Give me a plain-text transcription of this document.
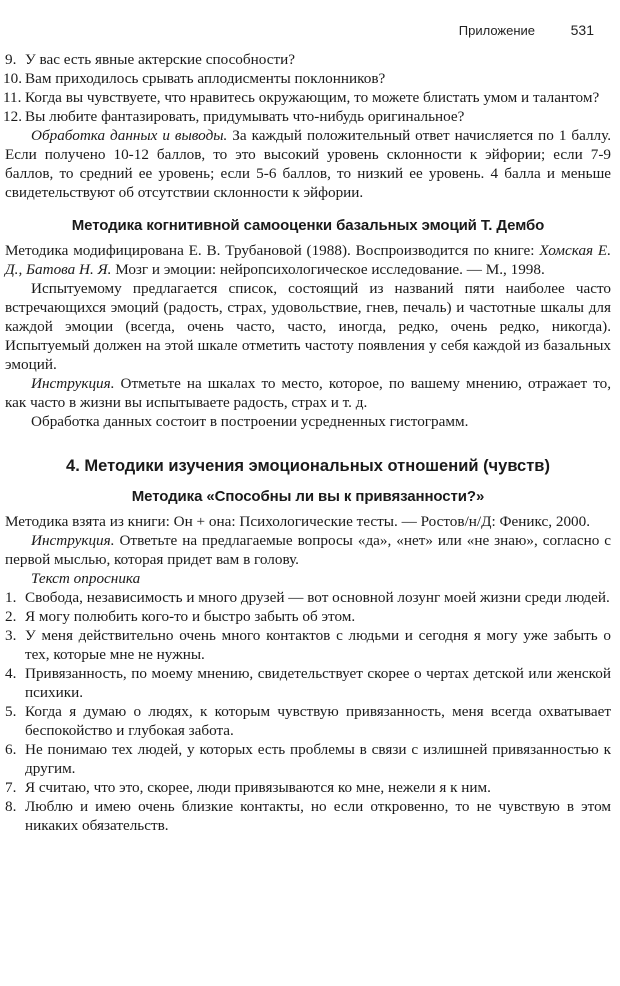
Приложение	531
9. У вас есть явные актерские способности?
10. Вам приходилось срывать аплодисменты поклонников?
11. Когда вы чувствуете, что нравитесь окружающим, то можете блистать умом и талантом?
12. Вы любите фантазировать, придумывать что-нибудь оригинальное?

Обработка данных и выводы. За каждый положительный ответ начисляется по 1 баллу. Если получено 10-12 баллов, то это высокий уровень склонности к эйфории; если 7-9 баллов, то средний ее уровень; если 5-6 баллов, то низкий ее уровень. 4 балла и меньше свидетельствуют об отсутствии склонности к эйфории.

Методика когнитивной самооценки базальных эмоций Т. Дембо

Методика модифицирована Е. В. Трубановой (1988). Воспроизводится по книге: Хомская Е. Д., Батова Н. Я. Мозг и эмоции: нейропсихологическое исследование. — М., 1998.

Испытуемому предлагается список, состоящий из названий пяти наиболее часто встречающихся эмоций (радость, страх, удовольствие, гнев, печаль) и частотные шкалы для каждой эмоции (всегда, очень часто, часто, иногда, редко, очень редко, никогда). Испытуемый должен на этой шкале отметить частоту появления у себя каждой из базальных эмоций.

Инструкция. Отметьте на шкалах то место, которое, по вашему мнению, отражает то, как часто в жизни вы испытываете радость, страх и т. д.

Обработка данных состоит в построении усредненных гистограмм.

4. Методики изучения эмоциональных отношений (чувств)
Методика «Способны ли вы к привязанности?»

Методика взята из книги: Он + она: Психологические тесты. — Ростов/н/Д: Феникс, 2000.

Инструкция. Ответьте на предлагаемые вопросы «да», «нет» или «не знаю», согласно с первой мыслью, которая придет вам в голову.

Текст опросника
1. Свобода, независимость и много друзей — вот основной лозунг моей жизни среди людей.
2. Я могу полюбить кого-то и быстро забыть об этом.
3. У меня действительно очень много контактов с людьми и сегодня я могу уже забыть о тех, которые мне не нужны.
4. Привязанность, по моему мнению, свидетельствует скорее о чертах детской или женской психики.
5. Когда я думаю о людях, к которым чувствую привязанность, меня всегда охватывает беспокойство и глубокая забота.
6. Не понимаю тех людей, у которых есть проблемы в связи с излишней привязанностью к другим.
7. Я считаю, что это, скорее, люди привязываются ко мне, нежели я к ним.
8. Люблю и имею очень близкие контакты, но если откровенно, то не чувствую в этом никаких обязательств.
